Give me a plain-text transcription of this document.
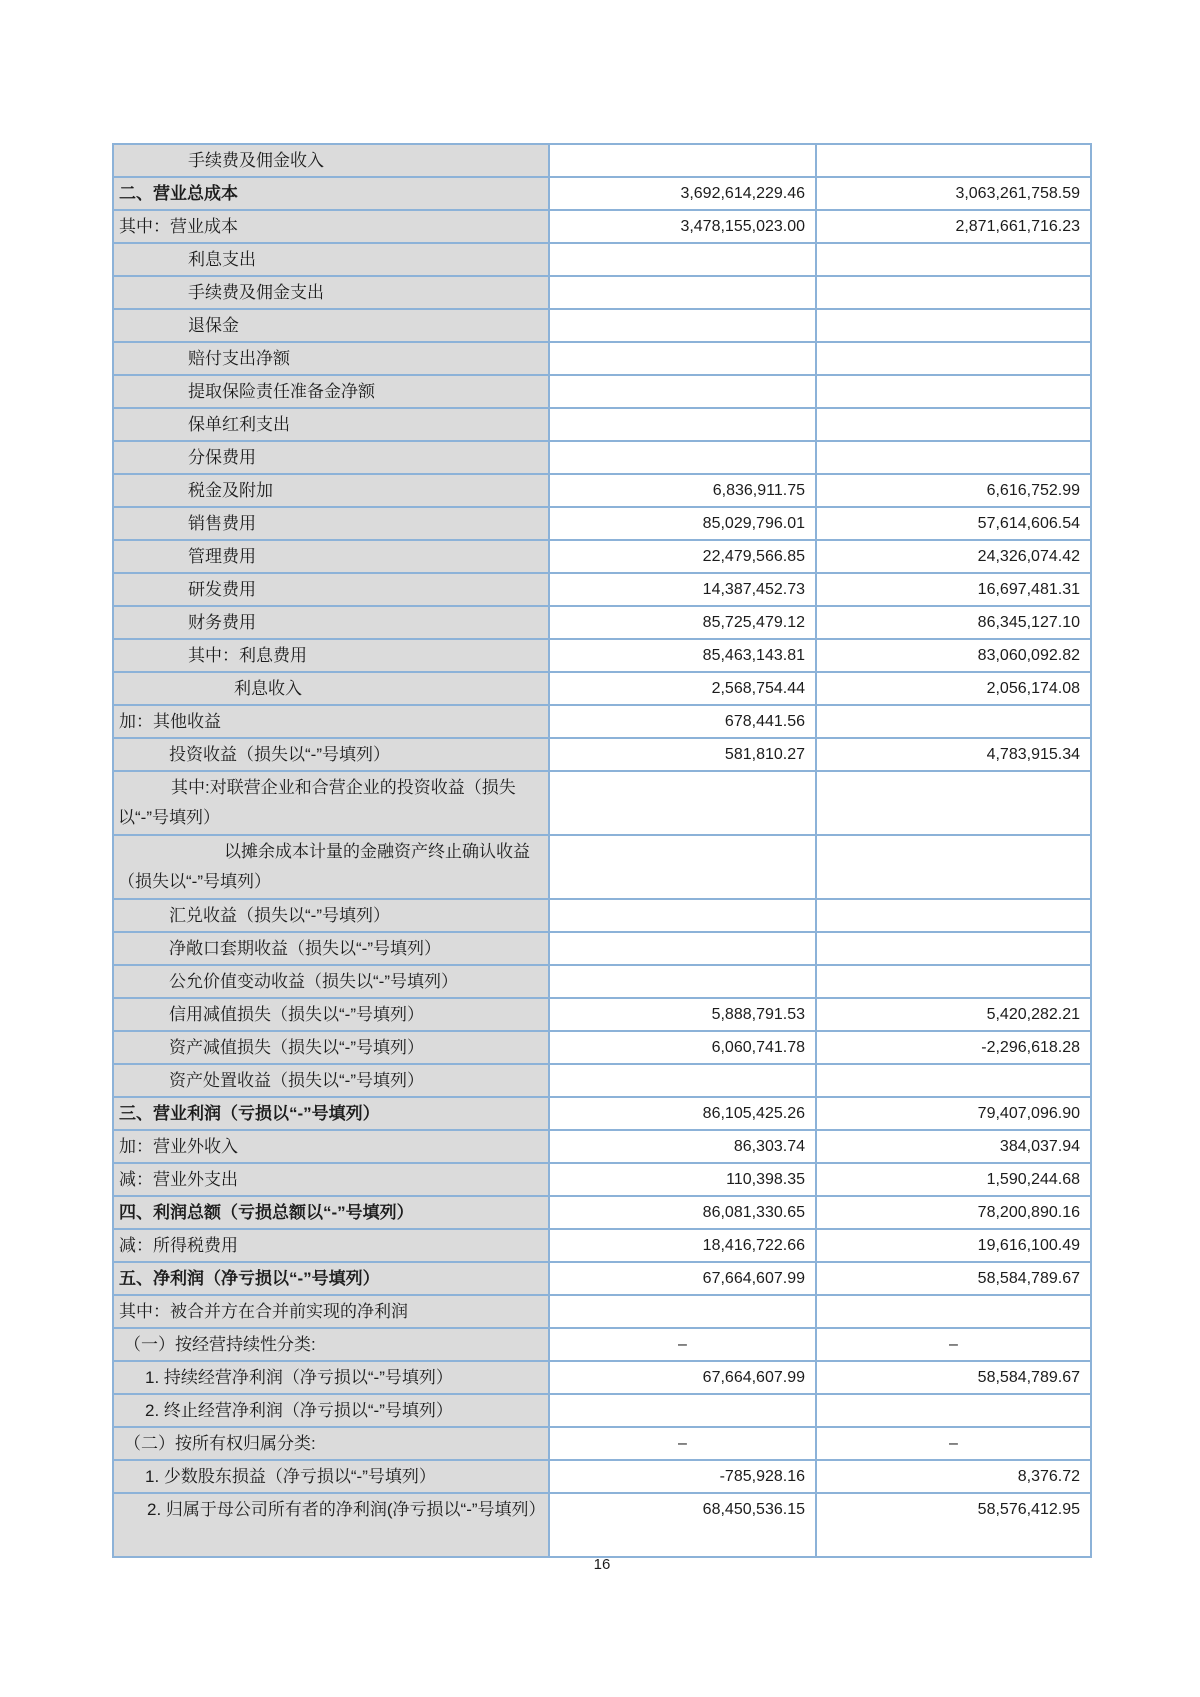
手续费及佣金收入
二、营业总成本	3,692,614,229.46	3,063,261,758.59
其中：营业成本	3,478,155,023.00	2,871,661,716.23
利息支出
手续费及佣金支出
退保金
赔付支出净额
提取保险责任准备金净额
保单红利支出
分保费用
税金及附加	6,836,911.75	6,616,752.99
销售费用	85,029,796.01	57,614,606.54
管理费用	22,479,566.85	24,326,074.42
研发费用	14,387,452.73	16,697,481.31
财务费用	85,725,479.12	86,345,127.10
其中：利息费用	85,463,143.81	83,060,092.82
利息收入	2,568,754.44	2,056,174.08
加：其他收益	678,441.56
投资收益（损失以“-”号填列）	581,810.27	4,783,915.34
其中:对联营企业和合营企业的投资收益（损失以“-”号填列）
以摊余成本计量的金融资产终止确认收益（损失以“-”号填列）
汇兑收益（损失以“-”号填列）
净敞口套期收益（损失以“-”号填列）
公允价值变动收益（损失以“-”号填列）
信用减值损失（损失以“-”号填列）	5,888,791.53	5,420,282.21
资产减值损失（损失以“-”号填列）	6,060,741.78	-2,296,618.28
资产处置收益（损失以“-”号填列）
三、营业利润（亏损以“-”号填列）	86,105,425.26	79,407,096.90
加：营业外收入	86,303.74	384,037.94
减：营业外支出	110,398.35	1,590,244.68
四、利润总额（亏损总额以“-”号填列）	86,081,330.65	78,200,890.16
减：所得税费用	18,416,722.66	19,616,100.49
五、净利润（净亏损以“-”号填列）	67,664,607.99	58,584,789.67
其中：被合并方在合并前实现的净利润
（一）按经营持续性分类:	–	–
1. 持续经营净利润（净亏损以“-”号填列）	67,664,607.99	58,584,789.67
2. 终止经营净利润（净亏损以“-”号填列）
（二）按所有权归属分类:	–	–
1. 少数股东损益（净亏损以“-”号填列）	-785,928.16	8,376.72
2. 归属于母公司所有者的净利润(净亏损以“-”号填列）	68,450,536.15	58,576,412.95
16
